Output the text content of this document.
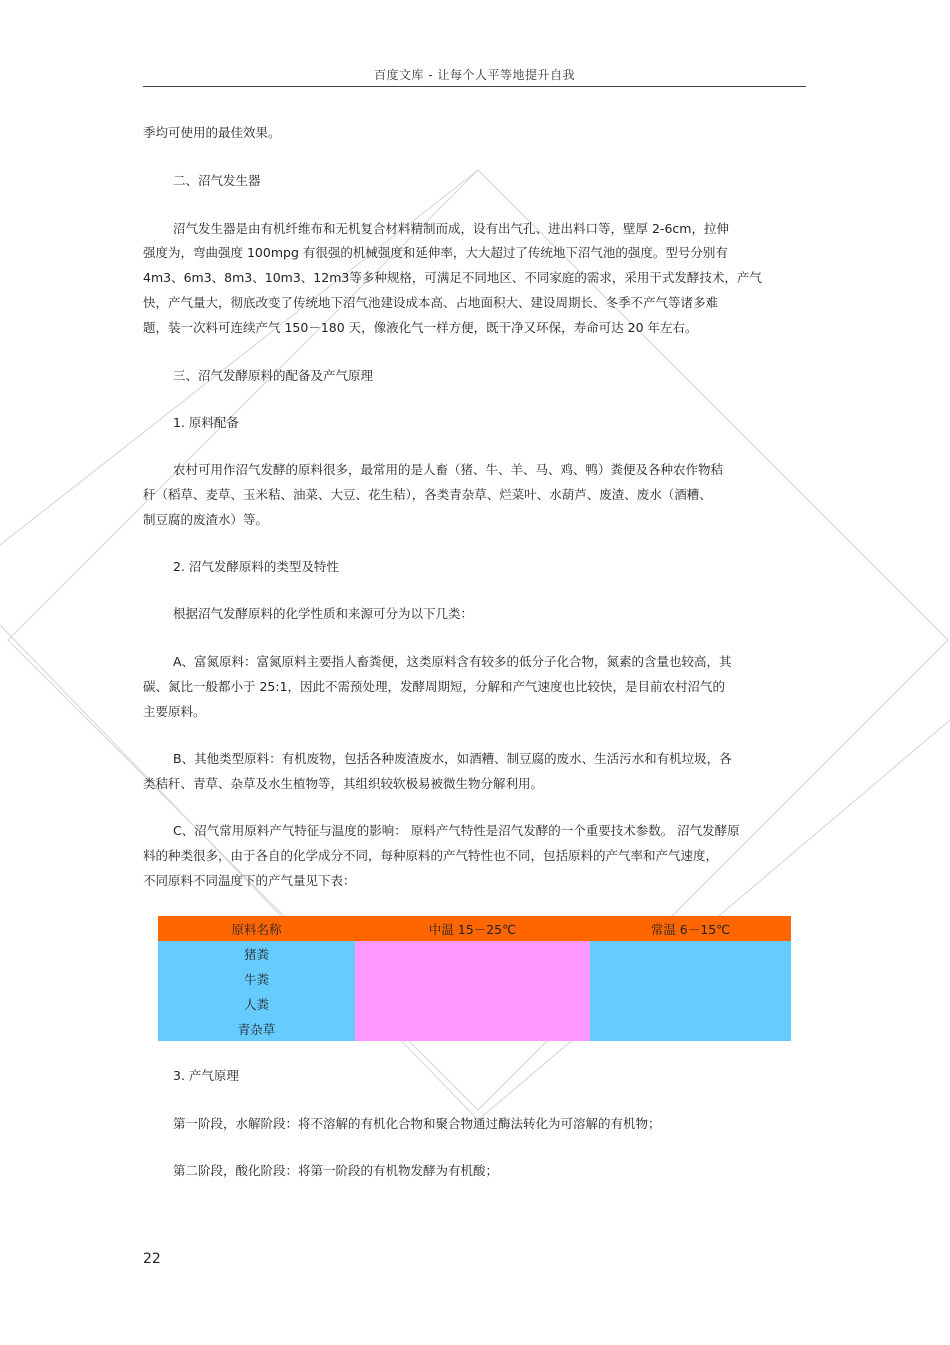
百度文库 - 让每个人平等地提升自我
季均可使用的最佳效果。
二、沼气发生器
沼气发生器是由有机纤维布和无机复合材料精制而成，设有出气孔、进出料口等，壁厚 2-6cm，拉伸
强度为，弯曲强度 100mpg 有很强的机械强度和延伸率，大大超过了传统地下沼气池的强度。型号分别有
4m3、6m3、8m3、10m3、12m3等多种规格，可满足不同地区、不同家庭的需求，采用干式发酵技术，产气
快，产气量大，彻底改变了传统地下沼气池建设成本高、占地面积大、建设周期长、冬季不产气等诸多难
题，装一次料可连续产气 150－180 天，像液化气一样方便，既干净又环保，寿命可达 20 年左右。
三、沼气发酵原料的配备及产气原理
1. 原料配备
农村可用作沼气发酵的原料很多，最常用的是人畜（猪、牛、羊、马、鸡、鸭）粪便及各种农作物秸
秆（稻草、麦草、玉米秸、油菜、大豆、花生秸），各类青杂草、烂菜叶、水葫芦、废渣、废水（酒糟、
制豆腐的废渣水）等。
2. 沼气发酵原料的类型及特性
根据沼气发酵原料的化学性质和来源可分为以下几类：
A、富氮原料：富氮原料主要指人畜粪便，这类原料含有较多的低分子化合物，氮素的含量也较高，其
碳、氮比一般都小于 25:1，因此不需预处理，发酵周期短，分解和产气速度也比较快，是目前农村沼气的
主要原料。
B、其他类型原料：有机废物，包括各种废渣废水，如酒糟、制豆腐的废水、生活污水和有机垃圾，各
类秸秆、青草、杂草及水生植物等，其组织较软极易被微生物分解利用。
C、沼气常用原料产气特征与温度的影响： 原料产气特性是沼气发酵的一个重要技术参数。 沼气发酵原
料的种类很多，由于各自的化学成分不同，每种原料的产气特性也不同，包括原料的产气率和产气速度，
不同原料不同温度下的产气量见下表：
原料名称	中温 15－25℃	常温 6－15℃
猪粪		
牛粪		
人粪		
青杂草		
3. 产气原理
第一阶段，水解阶段：将不溶解的有机化合物和聚合物通过酶法转化为可溶解的有机物；
第二阶段，酸化阶段：将第一阶段的有机物发酵为有机酸；
22
